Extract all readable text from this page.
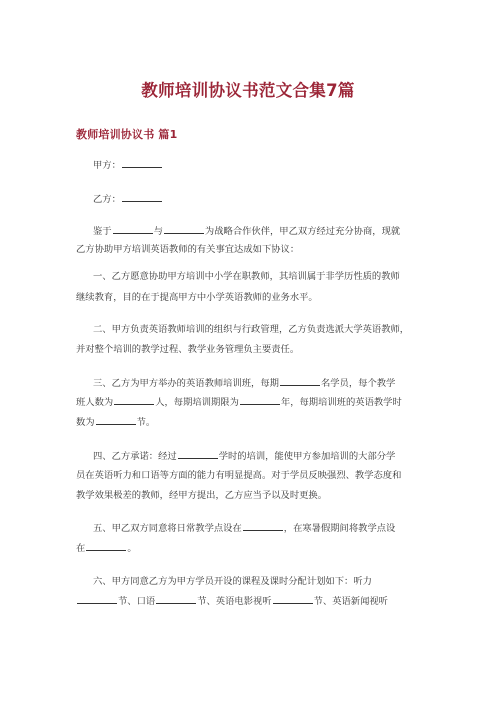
教师培训协议书范文合集7篇
教师培训协议书 篇1
甲方：
乙方：
鉴于	与	为战略合作伙伴，甲乙双方经过充分协商，现就
乙方协助甲方培训英语教师的有关事宜达成如下协议：
一、乙方愿意协助甲方培训中小学在职教师，其培训属于非学历性质的教师
继续教育，目的在于提高甲方中小学英语教师的业务水平。
二、甲方负责英语教师培训的组织与行政管理，乙方负责选派大学英语教师，
并对整个培训的教学过程、教学业务管理负主要责任。
三、乙方为甲方举办的英语教师培训班，每期	名学员，每个教学
班人数为	人，每期培训期限为	年，每期培训班的英语教学时
数为	节。
四、乙方承诺：经过	学时的培训，能使甲方参加培训的大部分学
员在英语听力和口语等方面的能力有明显提高。对于学员反映强烈、教学态度和
教学效果极差的教师，经甲方提出，乙方应当予以及时更换。
五、甲乙双方同意将日常教学点设在	，在寒暑假期间将教学点设
在	。
六、甲方同意乙方为甲方学员开设的课程及课时分配计划如下：听力
节、口语	节、英语电影视听	节、英语新闻视听
